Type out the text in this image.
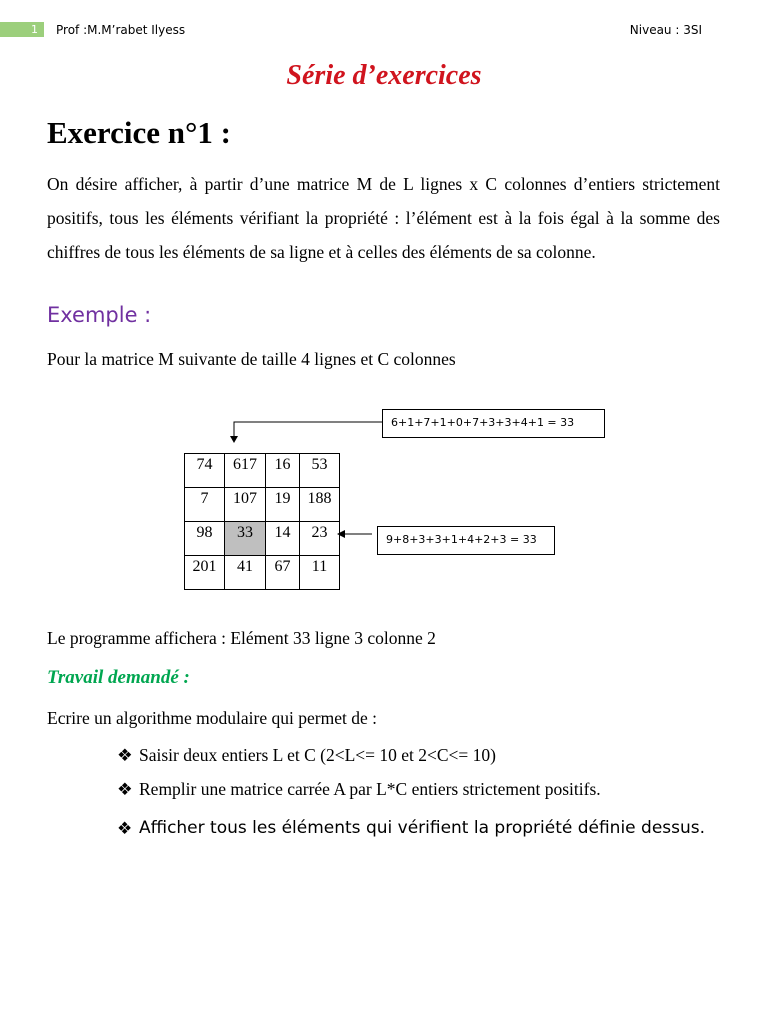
1	Prof :M.M’rabet Ilyess	Niveau : 3SI
Série d’exercices
Exercice n°1 :
On désire afficher, à partir d’une matrice M de L lignes x C colonnes d’entiers strictement positifs, tous les éléments vérifiant la propriété : l’élément est à la fois égal à la somme des chiffres de tous les éléments de sa ligne et à celles des éléments de sa colonne.
Exemple :
Pour la matrice M suivante de taille 4 lignes et C colonnes
6+1+7+1+0+7+3+3+4+1 = 33
9+8+3+3+1+4+2+3 = 33
74	617	16	53
7	107	19	188
98	33	14	23
201	41	67	11
Le programme affichera : Elément 33 ligne 3 colonne 2
Travail demandé :
Ecrire un algorithme modulaire qui permet de :
❖ Saisir deux entiers L et C (2<L<= 10 et 2<C<= 10)
❖ Remplir une matrice carrée A par L*C entiers strictement positifs.
❖ Afficher tous les éléments qui vérifient la propriété définie dessus.
